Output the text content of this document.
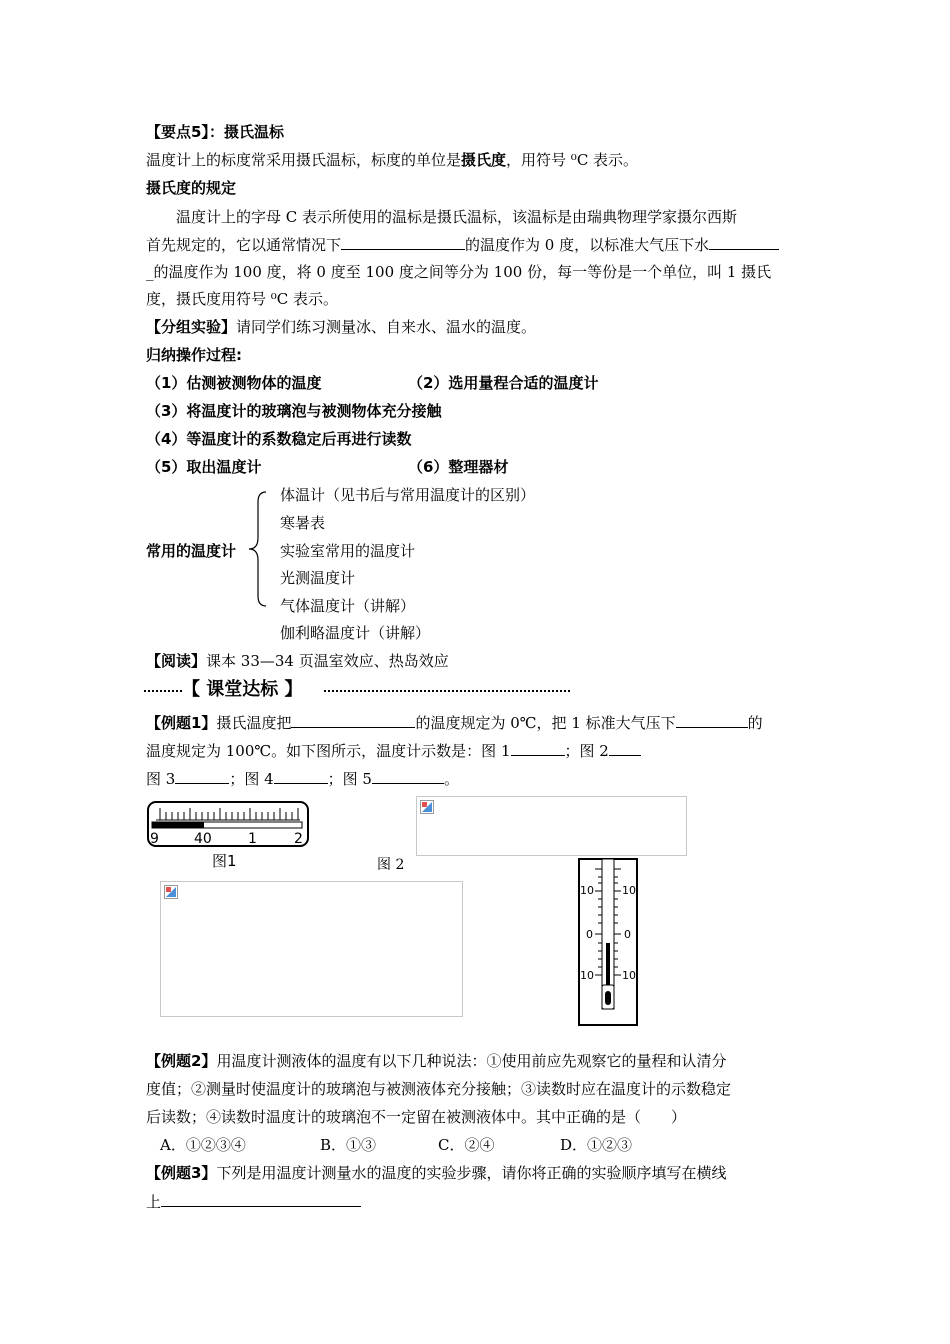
【要点5】：摄氏温标
温度计上的标度常采用摄氏温标，标度的单位是摄氏度，用符号 ⁰C 表示。
摄氏度的规定
温度计上的字母 C 表示所使用的温标是摄氏温标，该温标是由瑞典物理学家摄尔西斯
首先规定的，它以通常情况下	的温度作为 0 度，以标准大气压下水
_的温度作为 100 度，将 0 度至 100 度之间等分为 100 份，每一等份是一个单位，叫 1 摄氏
度，摄氏度用符号 ⁰C 表示。
【分组实验】请同学们练习测量冰、自来水、温水的温度。
归纳操作过程:
（1）估测被测物体的温度	（2）选用量程合适的温度计
（3）将温度计的玻璃泡与被测物体充分接触
（4）等温度计的系数稳定后再进行读数
（5）取出温度计	（6）整理器材
常用的温度计
体温计（见书后与常用温度计的区别）
寒暑表
实验室常用的温度计
光测温度计
气体温度计（讲解）
伽利略温度计（讲解）
【阅读】课本 33—34 页温室效应、热岛效应
【 课堂达标 】
【例题1】摄氏温度把	的温度规定为 0℃，把 1 标准大气压下	的
温度规定为 100℃。如下图所示，温度计示数是：图 1	；图 2
图 3	；图 4	；图 5	。
9	40	1	2
图1	图 2
10	10
0	0
10	10
【例题2】用温度计测液体的温度有以下几种说法：①使用前应先观察它的量程和认清分
度值；②测量时使温度计的玻璃泡与被测液体充分接触；③读数时应在温度计的示数稳定
后读数；④读数时温度计的玻璃泡不一定留在被测液体中。其中正确的是（　　）
A．①②③④	B．①③	C．②④	D．①②③
【例题3】下列是用温度计测量水的温度的实验步骤，请你将正确的实验顺序填写在横线
上
